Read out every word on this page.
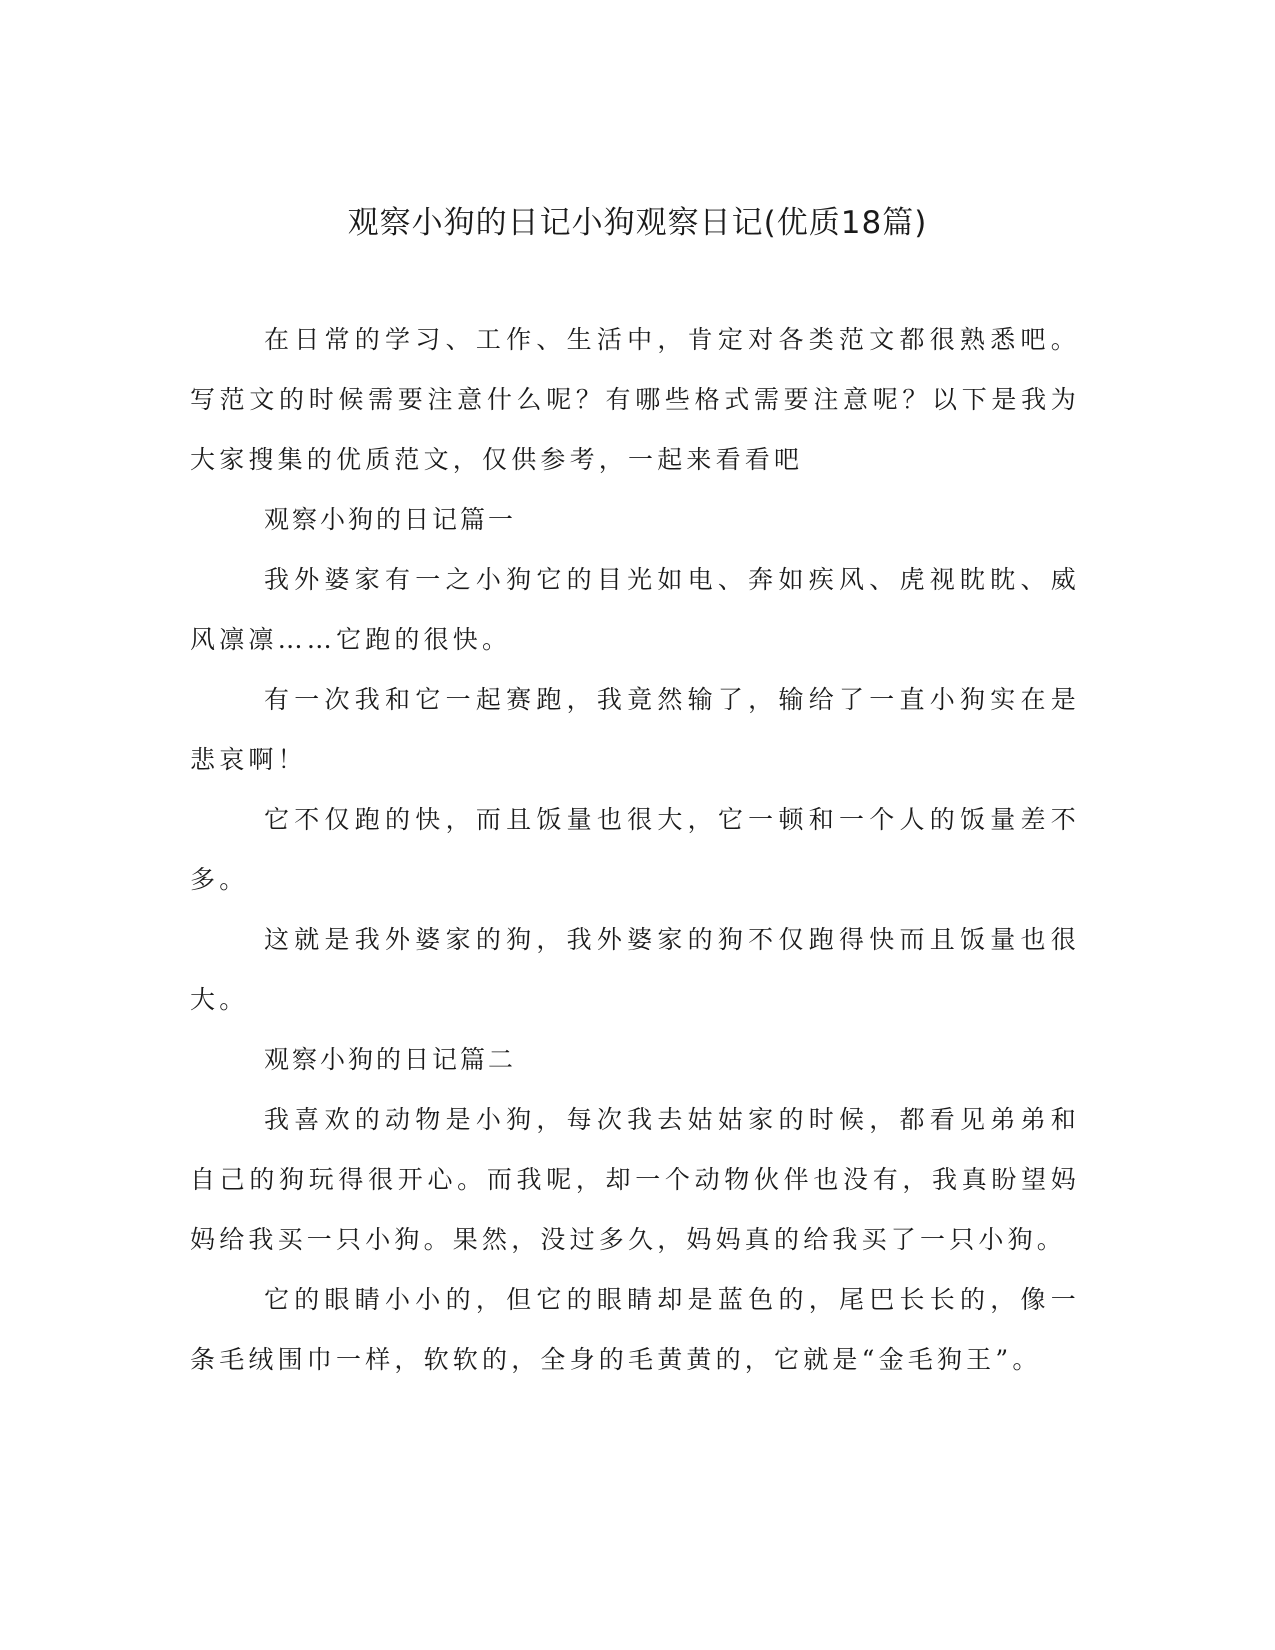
观察小狗的日记小狗观察日记(优质18篇)

在日常的学习、工作、生活中，肯定对各类范文都很熟悉吧。写范文的时候需要注意什么呢？有哪些格式需要注意呢？以下是我为大家搜集的优质范文，仅供参考，一起来看看吧

观察小狗的日记篇一

我外婆家有一之小狗它的目光如电、奔如疾风、虎视眈眈、威风凛凛……它跑的很快。

有一次我和它一起赛跑，我竟然输了，输给了一直小狗实在是悲哀啊！

它不仅跑的快，而且饭量也很大，它一顿和一个人的饭量差不多。

这就是我外婆家的狗，我外婆家的狗不仅跑得快而且饭量也很大。

观察小狗的日记篇二

我喜欢的动物是小狗，每次我去姑姑家的时候，都看见弟弟和自己的狗玩得很开心。而我呢，却一个动物伙伴也没有，我真盼望妈妈给我买一只小狗。果然，没过多久，妈妈真的给我买了一只小狗。

它的眼睛小小的，但它的眼睛却是蓝色的，尾巴长长的，像一条毛绒围巾一样，软软的，全身的毛黄黄的，它就是“金毛狗王”。
